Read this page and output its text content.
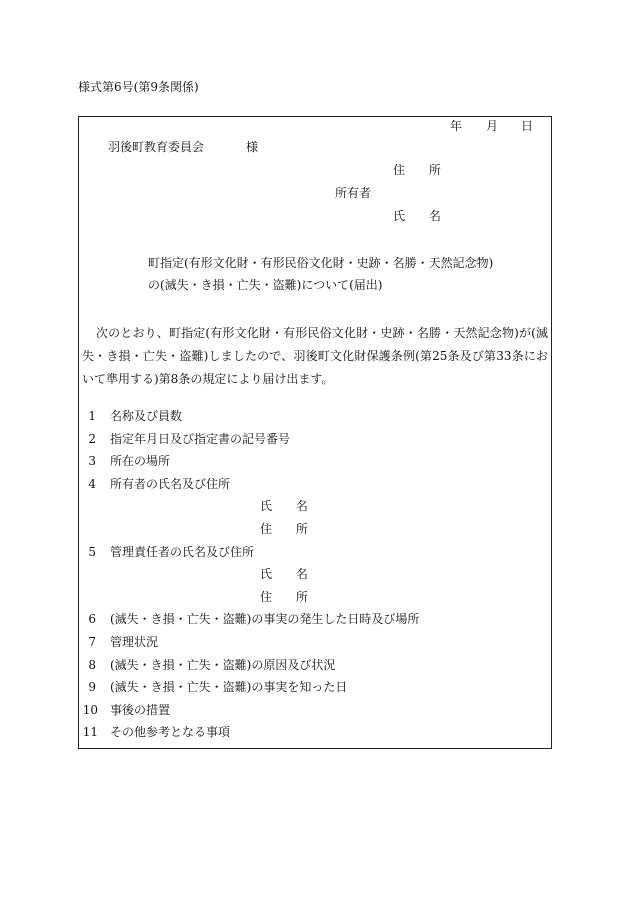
様式第6号(第9条関係)
年 月 日
羽後町教育委員会	様
住 所
所有者
氏 名
町指定(有形文化財・有形民俗文化財・史跡・名勝・天然記念物)
の(滅失・き損・亡失・盗難)について(届出)
次のとおり、町指定(有形文化財・有形民俗文化財・史跡・名勝・天然記念物)が(滅失・き損・亡失・盗難)しましたので、羽後町文化財保護条例(第25条及び第33条において準用する)第8条の規定により届け出ます。
1 名称及び員数
2 指定年月日及び指定書の記号番号
3 所在の場所
4 所有者の氏名及び住所
氏 名
住 所
5 管理責任者の氏名及び住所
氏 名
住 所
6 (滅失・き損・亡失・盗難)の事実の発生した日時及び場所
7 管理状況
8 (滅失・き損・亡失・盗難)の原因及び状況
9 (滅失・き損・亡失・盗難)の事実を知った日
10 事後の措置
11 その他参考となる事項
